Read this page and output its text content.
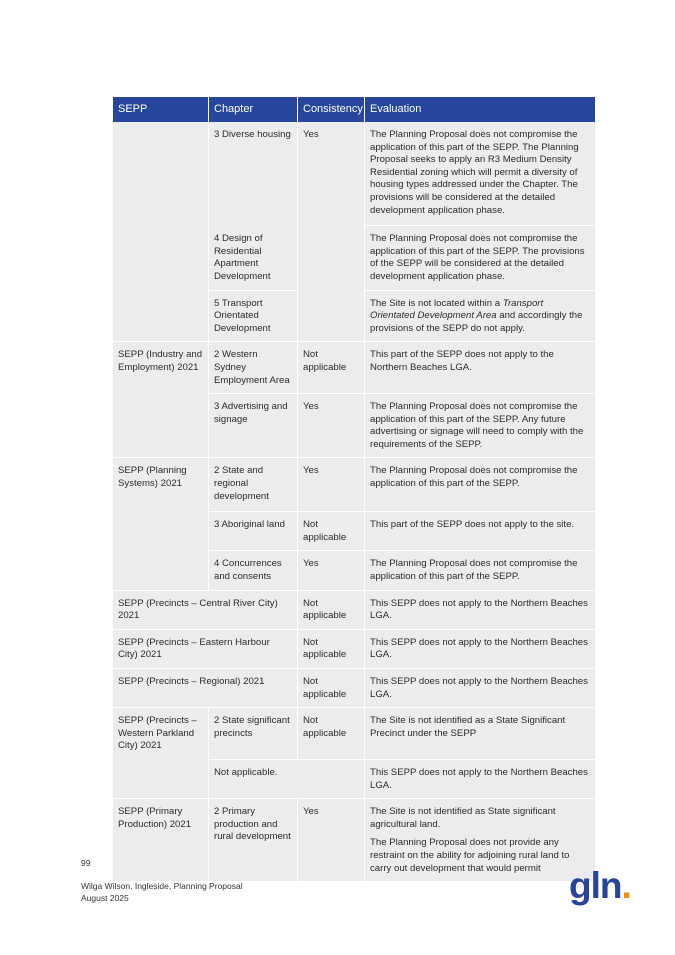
SEPP	Chapter	Consistency	Evaluation
	3 Diverse housing	Yes	The Planning Proposal does not compromise the application of this part of the SEPP. The Planning Proposal seeks to apply an R3 Medium Density Residential zoning which will permit a diversity of housing types addressed under the Chapter. The provisions will be considered at the detailed development application phase.
	4 Design of Residential Apartment Development		The Planning Proposal does not compromise the application of this part of the SEPP. The provisions of the SEPP will be considered at the detailed development application phase.
	5 Transport Orientated Development		The Site is not located within a Transport Orientated Development Area and accordingly the provisions of the SEPP do not apply.
SEPP (Industry and Employment) 2021	2 Western Sydney Employment Area	Not applicable	This part of the SEPP does not apply to the Northern Beaches LGA.
	3 Advertising and signage	Yes	The Planning Proposal does not compromise the application of this part of the SEPP. Any future advertising or signage will need to comply with the requirements of the SEPP.
SEPP (Planning Systems) 2021	2 State and regional development	Yes	The Planning Proposal does not compromise the application of this part of the SEPP.
	3 Aboriginal land	Not applicable	This part of the SEPP does not apply to the site.
	4 Concurrences and consents	Yes	The Planning Proposal does not compromise the application of this part of the SEPP.
SEPP (Precincts – Central River City) 2021		Not applicable	This SEPP does not apply to the Northern Beaches LGA.
SEPP (Precincts – Eastern Harbour City) 2021		Not applicable	This SEPP does not apply to the Northern Beaches LGA.
SEPP (Precincts – Regional) 2021		Not applicable	This SEPP does not apply to the Northern Beaches LGA.
SEPP (Precincts – Western Parkland City) 2021	2 State significant precincts	Not applicable	The Site is not identified as a State Significant Precinct under the SEPP
	Not applicable.		This SEPP does not apply to the Northern Beaches LGA.
SEPP (Primary Production) 2021	2 Primary production and rural development	Yes	The Site is not identified as State significant agricultural land.

The Planning Proposal does not provide any restraint on the ability for adjoining rural land to carry out development that would permit

99
Wilga Wilson, Ingleside, Planning Proposal
August 2025	gln.
